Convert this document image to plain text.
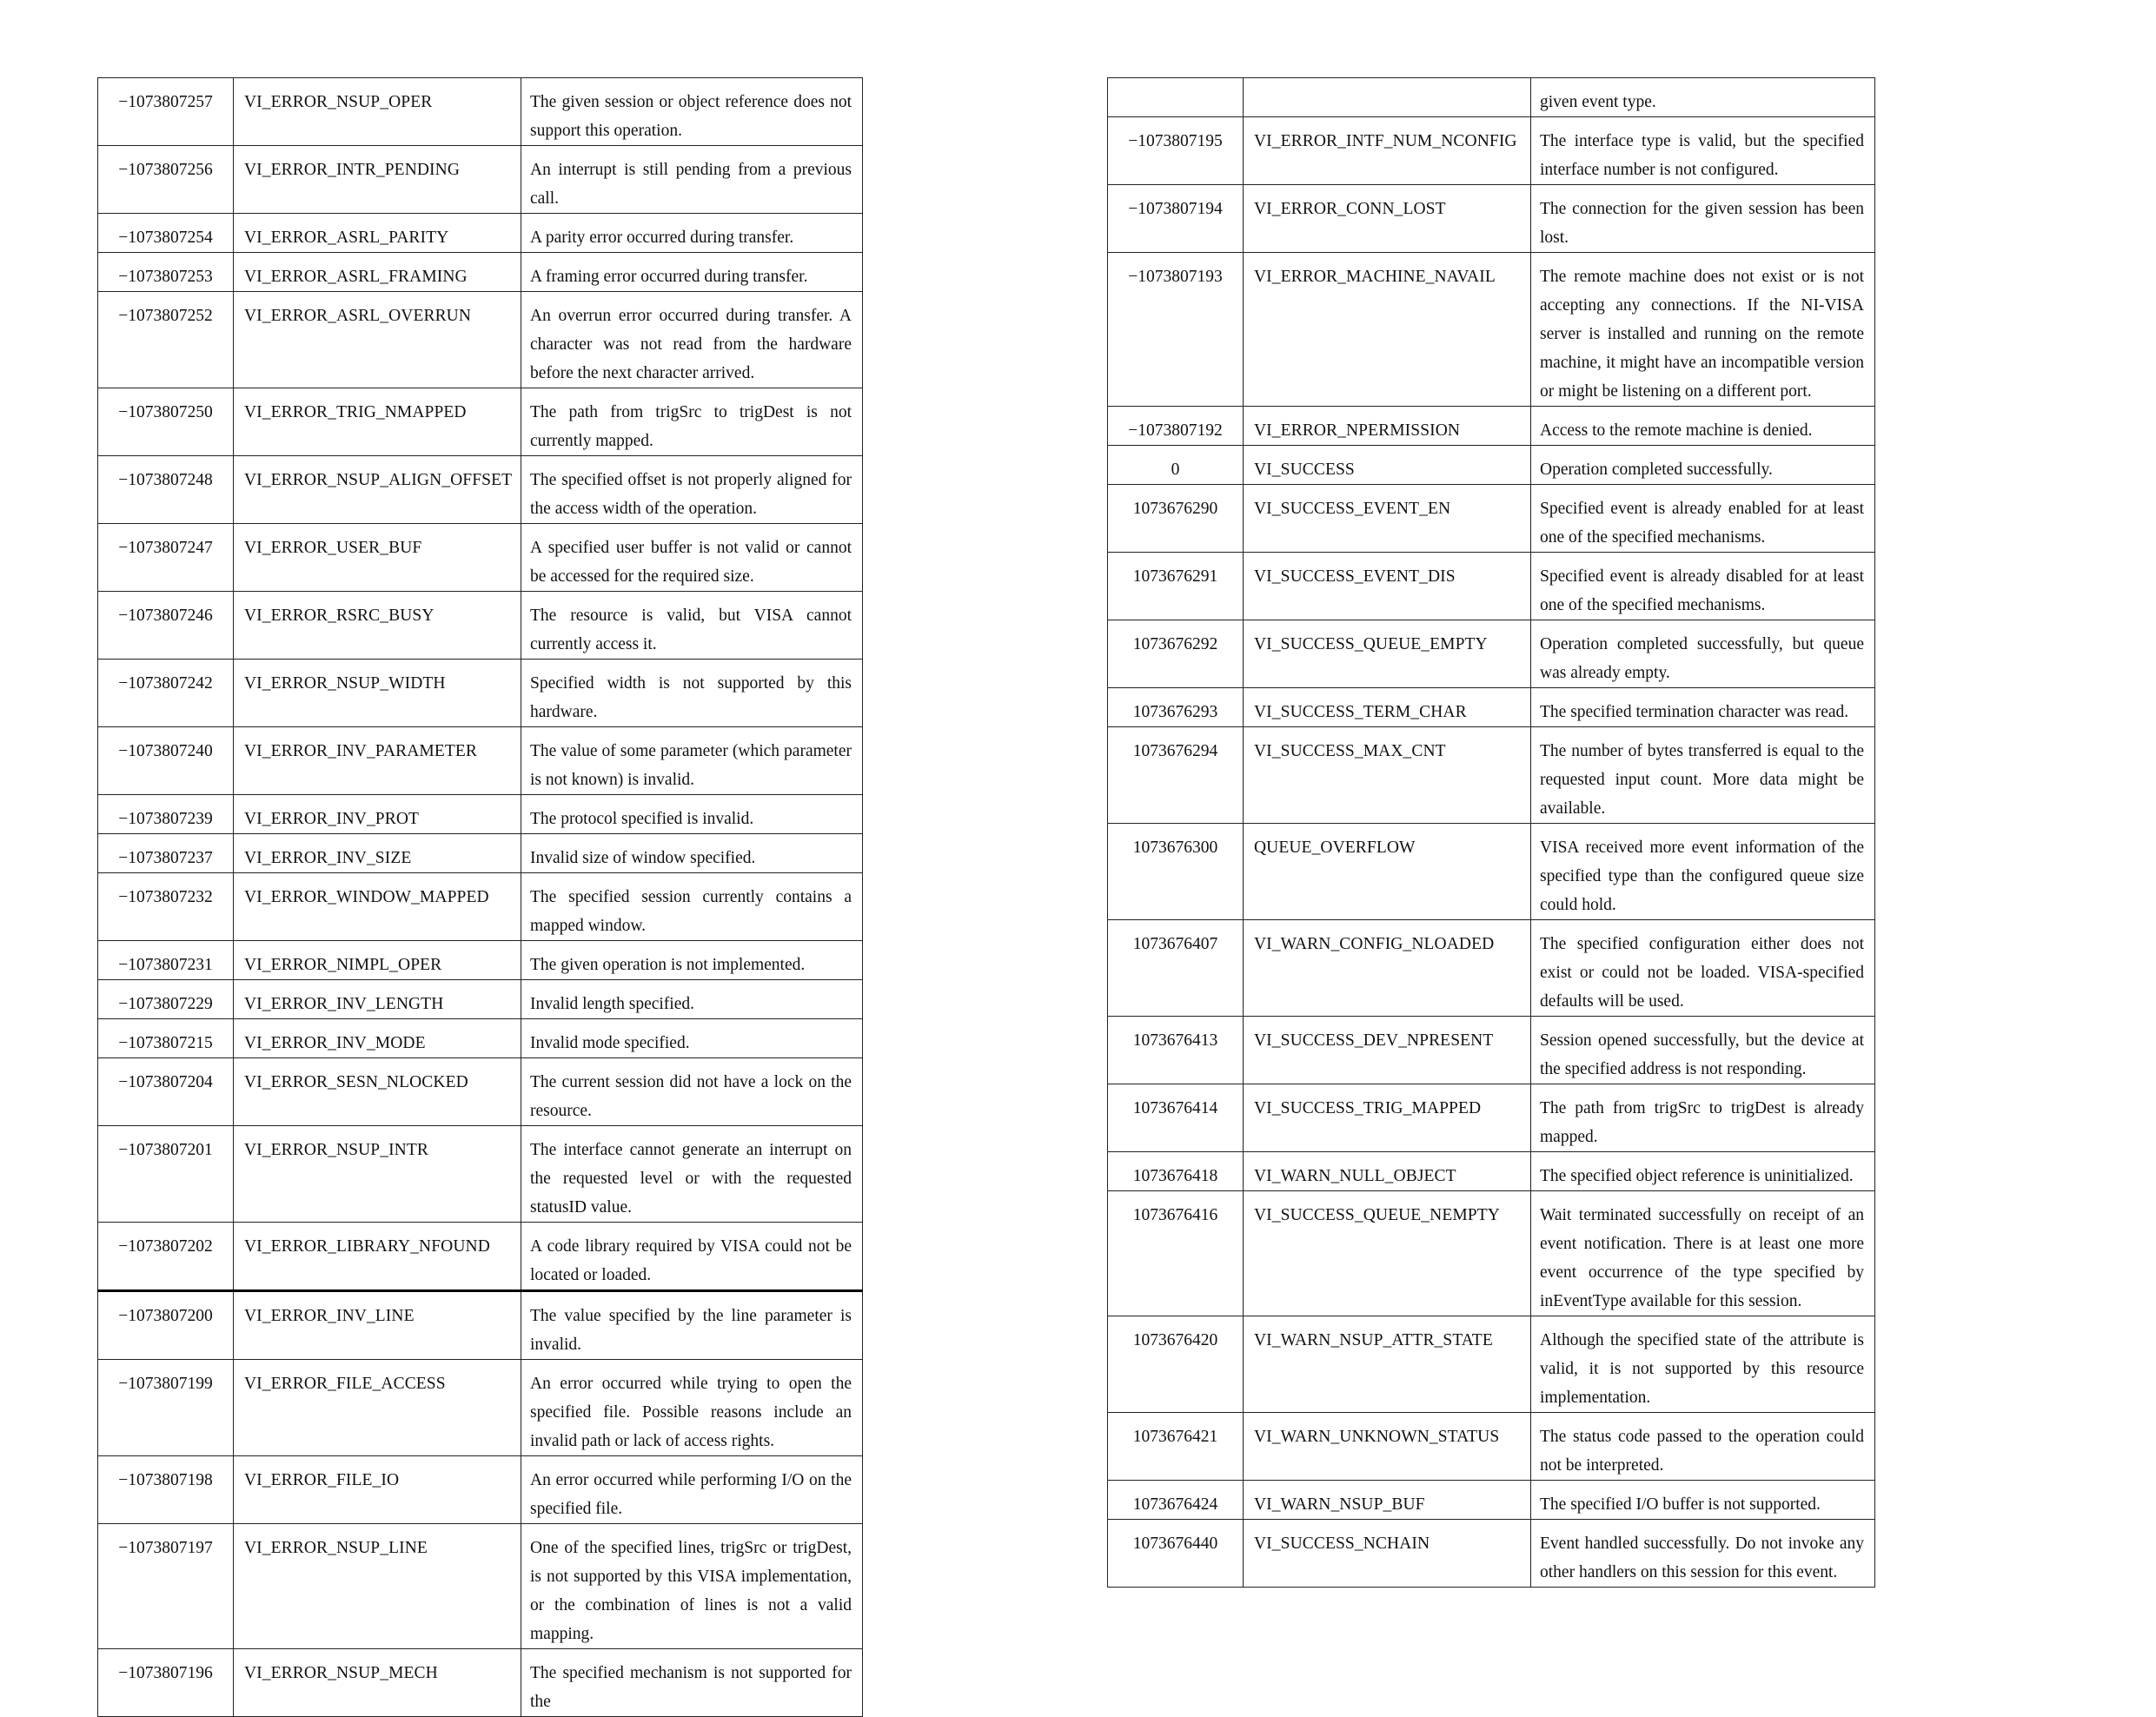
−1073807257	VI_ERROR_NSUP_OPER	The given session or object reference does not support this operation.
−1073807256	VI_ERROR_INTR_PENDING	An interrupt is still pending from a previous call.
−1073807254	VI_ERROR_ASRL_PARITY	A parity error occurred during transfer.
−1073807253	VI_ERROR_ASRL_FRAMING	A framing error occurred during transfer.
−1073807252	VI_ERROR_ASRL_OVERRUN	An overrun error occurred during transfer. A character was not read from the hardware before the next character arrived.
−1073807250	VI_ERROR_TRIG_NMAPPED	The path from trigSrc to trigDest is not currently mapped.
−1073807248	VI_ERROR_NSUP_ALIGN_OFFSET	The specified offset is not properly aligned for the access width of the operation.
−1073807247	VI_ERROR_USER_BUF	A specified user buffer is not valid or cannot be accessed for the required size.
−1073807246	VI_ERROR_RSRC_BUSY	The resource is valid, but VISA cannot currently access it.
−1073807242	VI_ERROR_NSUP_WIDTH	Specified width is not supported by this hardware.
−1073807240	VI_ERROR_INV_PARAMETER	The value of some parameter (which parameter is not known) is invalid.
−1073807239	VI_ERROR_INV_PROT	The protocol specified is invalid.
−1073807237	VI_ERROR_INV_SIZE	Invalid size of window specified.
−1073807232	VI_ERROR_WINDOW_MAPPED	The specified session currently contains a mapped window.
−1073807231	VI_ERROR_NIMPL_OPER	The given operation is not implemented.
−1073807229	VI_ERROR_INV_LENGTH	Invalid length specified.
−1073807215	VI_ERROR_INV_MODE	Invalid mode specified.
−1073807204	VI_ERROR_SESN_NLOCKED	The current session did not have a lock on the resource.
−1073807201	VI_ERROR_NSUP_INTR	The interface cannot generate an interrupt on the requested level or with the requested statusID value.
−1073807202	VI_ERROR_LIBRARY_NFOUND	A code library required by VISA could not be located or loaded.
−1073807200	VI_ERROR_INV_LINE	The value specified by the line parameter is invalid.
−1073807199	VI_ERROR_FILE_ACCESS	An error occurred while trying to open the specified file. Possible reasons include an invalid path or lack of access rights.
−1073807198	VI_ERROR_FILE_IO	An error occurred while performing I/O on the specified file.
−1073807197	VI_ERROR_NSUP_LINE	One of the specified lines, trigSrc or trigDest, is not supported by this VISA implementation, or the combination of lines is not a valid mapping.
−1073807196	VI_ERROR_NSUP_MECH	The specified mechanism is not supported for the
		given event type.
−1073807195	VI_ERROR_INTF_NUM_NCONFIG	The interface type is valid, but the specified interface number is not configured.
−1073807194	VI_ERROR_CONN_LOST	The connection for the given session has been lost.
−1073807193	VI_ERROR_MACHINE_NAVAIL	The remote machine does not exist or is not accepting any connections. If the NI-VISA server is installed and running on the remote machine, it might have an incompatible version or might be listening on a different port.
−1073807192	VI_ERROR_NPERMISSION	Access to the remote machine is denied.
0	VI_SUCCESS	Operation completed successfully.
1073676290	VI_SUCCESS_EVENT_EN	Specified event is already enabled for at least one of the specified mechanisms.
1073676291	VI_SUCCESS_EVENT_DIS	Specified event is already disabled for at least one of the specified mechanisms.
1073676292	VI_SUCCESS_QUEUE_EMPTY	Operation completed successfully, but queue was already empty.
1073676293	VI_SUCCESS_TERM_CHAR	The specified termination character was read.
1073676294	VI_SUCCESS_MAX_CNT	The number of bytes transferred is equal to the requested input count. More data might be available.
1073676300	QUEUE_OVERFLOW	VISA received more event information of the specified type than the configured queue size could hold.
1073676407	VI_WARN_CONFIG_NLOADED	The specified configuration either does not exist or could not be loaded. VISA-specified defaults will be used.
1073676413	VI_SUCCESS_DEV_NPRESENT	Session opened successfully, but the device at the specified address is not responding.
1073676414	VI_SUCCESS_TRIG_MAPPED	The path from trigSrc to trigDest is already mapped.
1073676418	VI_WARN_NULL_OBJECT	The specified object reference is uninitialized.
1073676416	VI_SUCCESS_QUEUE_NEMPTY	Wait terminated successfully on receipt of an event notification. There is at least one more event occurrence of the type specified by inEventType available for this session.
1073676420	VI_WARN_NSUP_ATTR_STATE	Although the specified state of the attribute is valid, it is not supported by this resource implementation.
1073676421	VI_WARN_UNKNOWN_STATUS	The status code passed to the operation could not be interpreted.
1073676424	VI_WARN_NSUP_BUF	The specified I/O buffer is not supported.
1073676440	VI_SUCCESS_NCHAIN	Event handled successfully. Do not invoke any other handlers on this session for this event.
